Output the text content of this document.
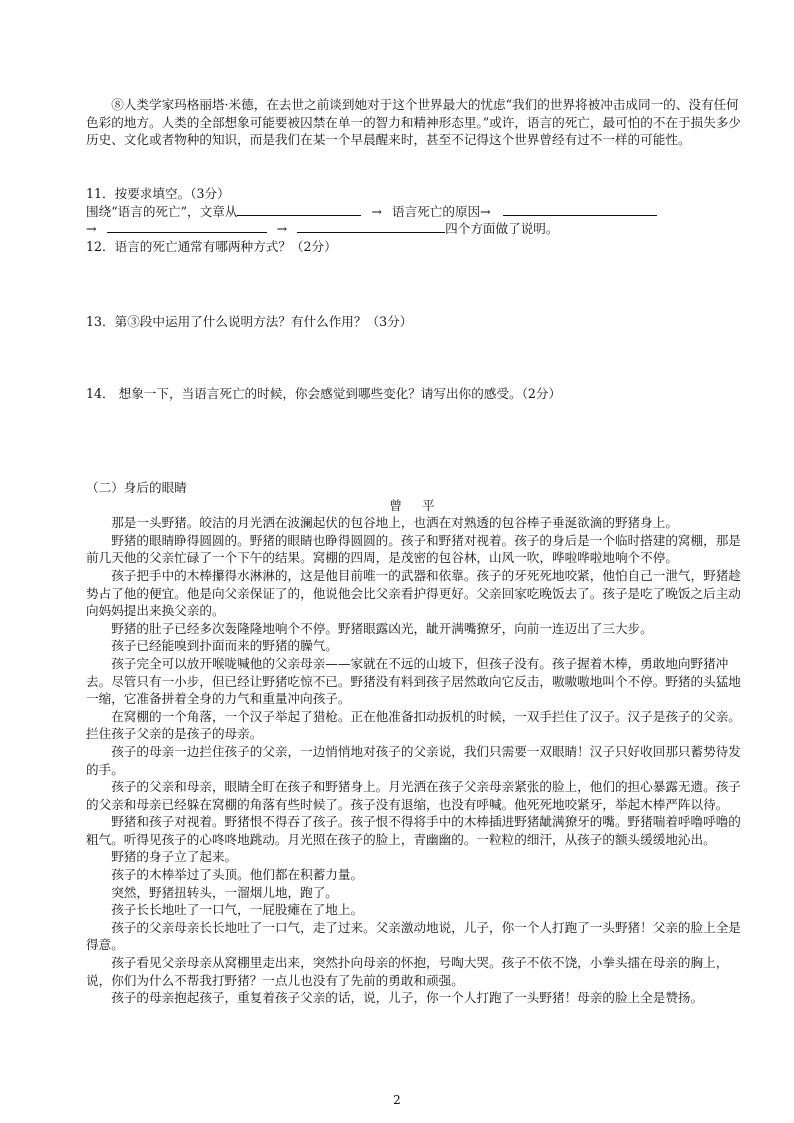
⑧人类学家玛格丽塔·米德，在去世之前谈到她对于这个世界最大的忧虑“我们的世界将被冲击成同一的、没有任何色彩的地方。人类的全部想象可能要被囚禁在单一的智力和精神形态里。”或许，语言的死亡，最可怕的不在于损失多少历史、文化或者物种的知识，而是我们在某一个早晨醒来时，甚至不记得这个世界曾经有过不一样的可能性。

11．按要求填空。（3分）

围绕“语言的死亡”，文章从	→ 语言死亡的原因→

→	→	四个方面做了说明。

12．语言的死亡通常有哪两种方式？（2分）

13．第③段中运用了什么说明方法？有什么作用？（3分）

14． 想象一下，当语言死亡的时候，你会感觉到哪些变化？请写出你的感受。（2分）

（二）身后的眼睛

曾 平

那是一头野猪。皎洁的月光洒在波澜起伏的包谷地上，也洒在对熟透的包谷棒子垂涎欲滴的野猪身上。

野猪的眼睛睁得圆圆的。野猪的眼睛也睁得圆圆的。孩子和野猪对视着。孩子的身后是一个临时搭建的窝棚，那是前几天他的父亲忙碌了一个下午的结果。窝棚的四周，是茂密的包谷林，山风一吹，哗啦哗啦地响个不停。

孩子把手中的木棒攥得水淋淋的，这是他目前唯一的武器和依靠。孩子的牙死死地咬紧，他怕自己一泄气，野猪趁势占了他的便宜。他是向父亲保证了的，他说他会比父亲看护得更好。父亲回家吃晚饭去了。孩子是吃了晚饭之后主动向妈妈提出来换父亲的。

野猪的肚子已经多次轰隆隆地响个不停。野猪眼露凶光，龇开满嘴獠牙，向前一连迈出了三大步。

孩子已经能嗅到扑面而来的野猪的臊气。

孩子完全可以放开喉咙喊他的父亲母亲——家就在不远的山坡下，但孩子没有。孩子握着木棒，勇敢地向野猪冲去。尽管只有一小步，但已经让野猪吃惊不已。野猪没有料到孩子居然敢向它反击，嗷嗷嗷地叫个不停。野猪的头猛地一缩，它准备拼着全身的力气和重量冲向孩子。

在窝棚的一个角落，一个汉子举起了猎枪。正在他准备扣动扳机的时候，一双手拦住了汉子。汉子是孩子的父亲。拦住孩子父亲的是孩子的母亲。

孩子的母亲一边拦住孩子的父亲，一边悄悄地对孩子的父亲说，我们只需要一双眼睛！汉子只好收回那只蓄势待发的手。

孩子的父亲和母亲，眼睛全盯在孩子和野猪身上。月光洒在孩子父亲母亲紧张的脸上，他们的担心暴露无遗。孩子的父亲和母亲已经躲在窝棚的角落有些时候了。孩子没有退缩，也没有呼喊。他死死地咬紧牙，举起木棒严阵以待。

野猪和孩子对视着。野猪恨不得吞了孩子。孩子恨不得将手中的木棒插进野猪龇满獠牙的嘴。野猪喘着呼噜呼噜的粗气。听得见孩子的心咚咚地跳动。月光照在孩子的脸上，青幽幽的。一粒粒的细汗，从孩子的额头缓缓地沁出。

野猪的身子立了起来。

孩子的木棒举过了头顶。他们都在积蓄力量。

突然，野猪扭转头，一溜烟儿地，跑了。

孩子长长地吐了一口气，一屁股瘫在了地上。

孩子的父亲母亲长长地吐了一口气，走了过来。父亲激动地说，儿子，你一个人打跑了一头野猪！父亲的脸上全是得意。

孩子看见父亲母亲从窝棚里走出来，突然扑向母亲的怀抱，号啕大哭。孩子不依不饶，小拳头擂在母亲的胸上，说，你们为什么不帮我打野猪？一点儿也没有了先前的勇敢和顽强。

孩子的母亲抱起孩子，重复着孩子父亲的话，说，儿子，你一个人打跑了一头野猪！母亲的脸上全是赞扬。

2
